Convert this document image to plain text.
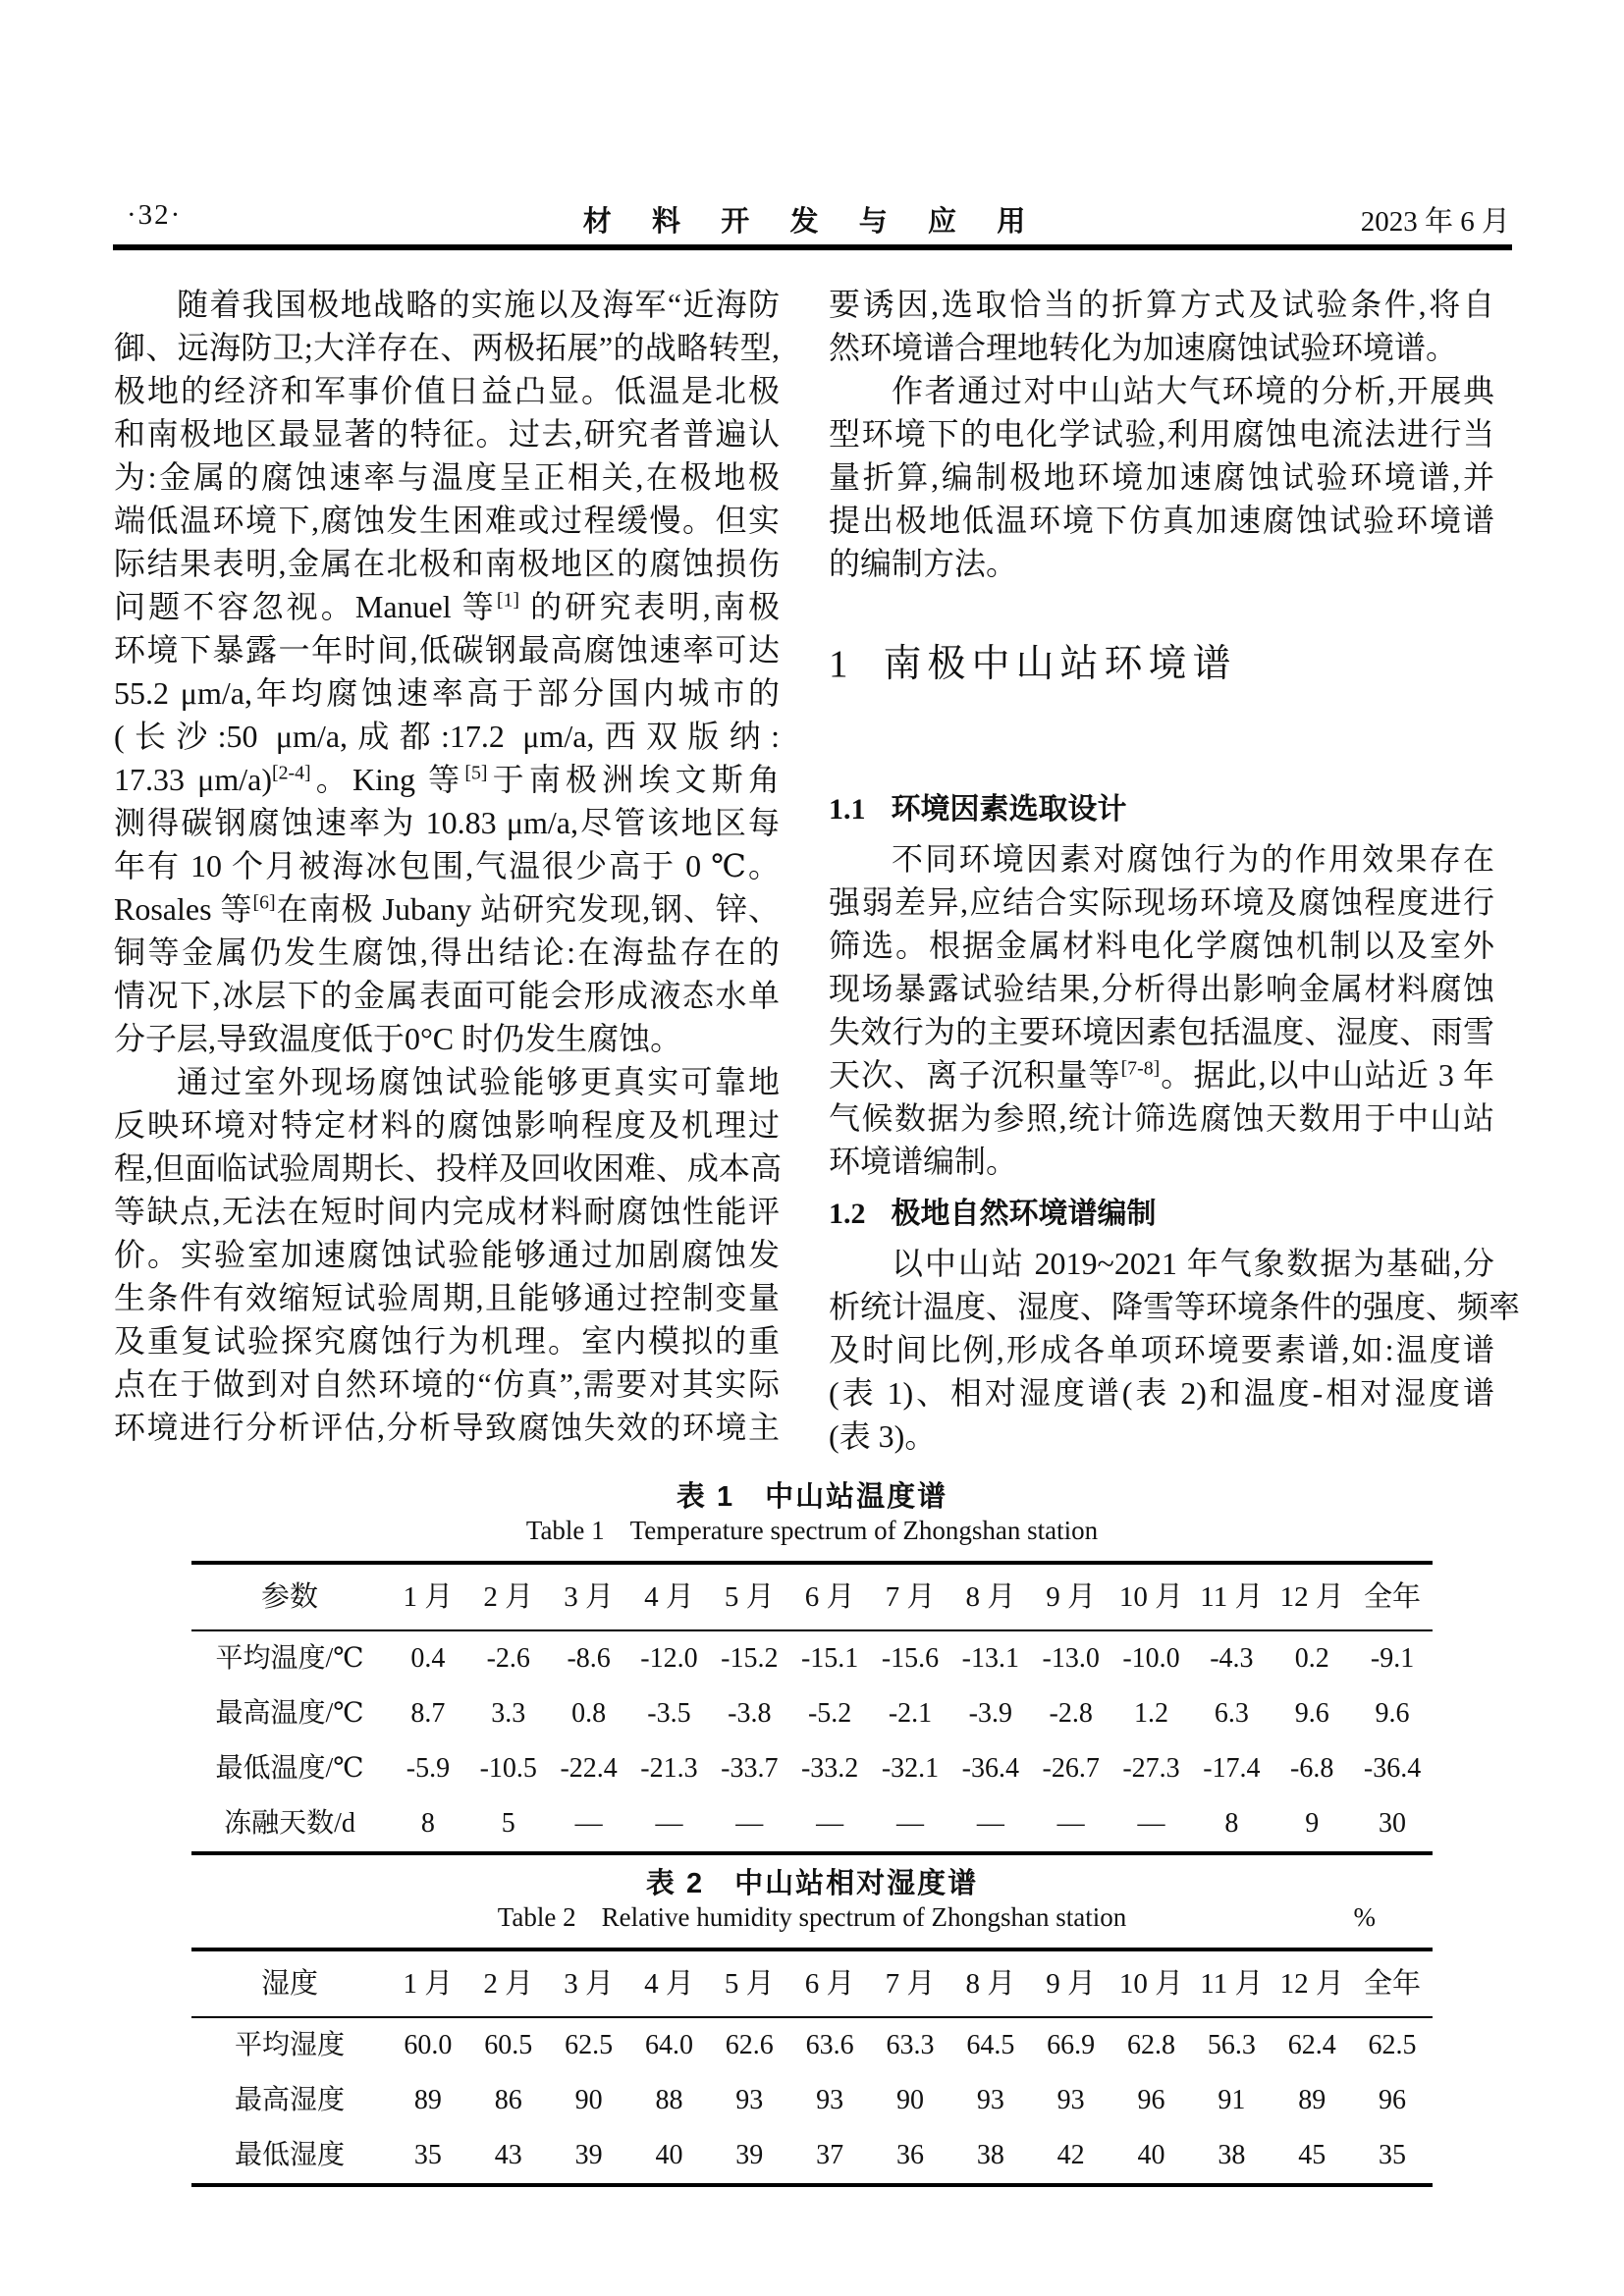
·32·	材 料 开 发 与 应 用	2023 年 6 月
随着我国极地战略的实施以及海军“近海防
御、远海防卫;大洋存在、两极拓展”的战略转型,
极地的经济和军事价值日益凸显。低温是北极
和南极地区最显著的特征。过去,研究者普遍认
为:金属的腐蚀速率与温度呈正相关,在极地极
端低温环境下,腐蚀发生困难或过程缓慢。但实
际结果表明,金属在北极和南极地区的腐蚀损伤
问题不容忽视。Manuel 等[1] 的研究表明,南极
环境下暴露一年时间,低碳钢最高腐蚀速率可达
55.2 μm/a,年均腐蚀速率高于部分国内城市的
(长沙:50 μm/a,成都:17.2 μm/a,西双版纳:
17.33 μm/a)[2-4]。King 等[5]于南极洲埃文斯角
测得碳钢腐蚀速率为 10.83 μm/a,尽管该地区每
年有 10 个月被海冰包围,气温很少高于 0 ℃。
Rosales 等[6]在南极 Jubany 站研究发现,钢、锌、
铜等金属仍发生腐蚀,得出结论:在海盐存在的
情况下,冰层下的金属表面可能会形成液态水单
分子层,导致温度低于0°C 时仍发生腐蚀。
通过室外现场腐蚀试验能够更真实可靠地
反映环境对特定材料的腐蚀影响程度及机理过
程,但面临试验周期长、投样及回收困难、成本高
等缺点,无法在短时间内完成材料耐腐蚀性能评
价。实验室加速腐蚀试验能够通过加剧腐蚀发
生条件有效缩短试验周期,且能够通过控制变量
及重复试验探究腐蚀行为机理。室内模拟的重
点在于做到对自然环境的“仿真”,需要对其实际
环境进行分析评估,分析导致腐蚀失效的环境主
要诱因,选取恰当的折算方式及试验条件,将自
然环境谱合理地转化为加速腐蚀试验环境谱。
作者通过对中山站大气环境的分析,开展典
型环境下的电化学试验,利用腐蚀电流法进行当
量折算,编制极地环境加速腐蚀试验环境谱,并
提出极地低温环境下仿真加速腐蚀试验环境谱
的编制方法。
1 南极中山站环境谱
1.1 环境因素选取设计
不同环境因素对腐蚀行为的作用效果存在
强弱差异,应结合实际现场环境及腐蚀程度进行
筛选。根据金属材料电化学腐蚀机制以及室外
现场暴露试验结果,分析得出影响金属材料腐蚀
失效行为的主要环境因素包括温度、湿度、雨雪
天次、离子沉积量等[7-8]。据此,以中山站近 3 年
气候数据为参照,统计筛选腐蚀天数用于中山站
环境谱编制。
1.2 极地自然环境谱编制
以中山站 2019~2021 年气象数据为基础,分
析统计温度、湿度、降雪等环境条件的强度、频率
及时间比例,形成各单项环境要素谱,如:温度谱
(表 1)、相对湿度谱(表 2)和温度-相对湿度谱
(表 3)。
表 1　中山站温度谱
Table 1 Temperature spectrum of Zhongshan station
参数	1 月	2 月	3 月	4 月	5 月	6 月	7 月	8 月	9 月 10 月 11 月 12 月 全年
平均温度/℃	0.4	-2.6	-8.6	-12.0 -15.2 -15.1 -15.6 -13.1 -13.0 -10.0	-4.3	0.2	-9.1
最高温度/℃	8.7	3.3	0.8	-3.5	-3.8	-5.2	-2.1	-3.9	-2.8	1.2	6.3	9.6	9.6
最低温度/℃	-5.9	-10.5 -22.4 -21.3 -33.7 -33.2 -32.1 -36.4 -26.7 -27.3 -17.4	-6.8	-36.4
冻融天数/d	8	5	—	—	—	—	—	—	—	—	8	9	30
表 2　中山站相对湿度谱
Table 2 Relative humidity spectrum of Zhongshan station	%
湿度	1 月	2 月	3 月	4 月	5 月	6 月	7 月	8 月	9 月 10 月 11 月 12 月 全年
平均湿度	60.0	60.5	62.5	64.0	62.6	63.6	63.3	64.5	66.9	62.8	56.3	62.4	62.5
最高湿度	89	86	90	88	93	93	90	93	93	96	91	89	96
最低湿度	35	43	39	40	39	37	36	38	42	40	38	45	35
